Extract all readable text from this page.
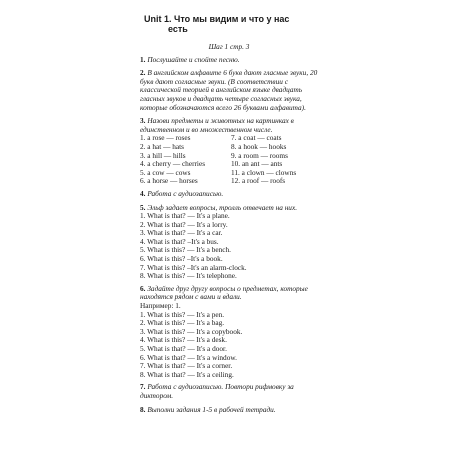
Unit 1. Что мы видим и что у нас
есть
Шаг 1 стр. 3
1. Послушайте и спойте песню.
2. В английском алфавите 6 букв дают гласные звуки, 20 букв дают согласные звуки. (В соответствии с классической теорией в английском языке двадцать гласных звуков и двадцать четыре согласных звука, которые обозначаются всего 26 буквами алфавита).
3. Назови предметы и животных на картинках в единственном и во множественном числе.
1. a rose — roses
2. a hat — hats
3. a hill — hills
4. a cherry — cherries
5. a cow — cows
6. a horse — horses
7. a coat — coats
8. a hook — hooks
9. a room — rooms
10. an ant — ants
11. a clown — clowns
12. a roof — roofs
4. Работа с аудиозаписью.
5. Эльф задает вопросы, тролль отвечает на них.
1. What is that? — It's a plane.
2. What is that? — It's a lorry.
3. What is that? — It's a car.
4. What is that? –It's a bus.
5. What is this? — It's a bench.
6. What is this? –It's a book.
7. What is this? –It's an alarm-clock.
8. What is this? — It's telephone.
6. Задайте друг другу вопросы о предметах, которые находятся рядом с вами и вдали.
Например: 1.
1. What is this? — It's a pen.
2. What is this? — It's a bag.
3. What is this? — It's a copybook.
4. What is this? — It's a desk.
5. What is that? — It's a door.
6. What is that? — It's a window.
7. What is that? — It's a corner.
8. What is that? — It's a ceiling.
7. Работа с аудиозаписью. Повтори рифмовку за диктором.
8. Выполни задания 1-5 в рабочей тетради.
